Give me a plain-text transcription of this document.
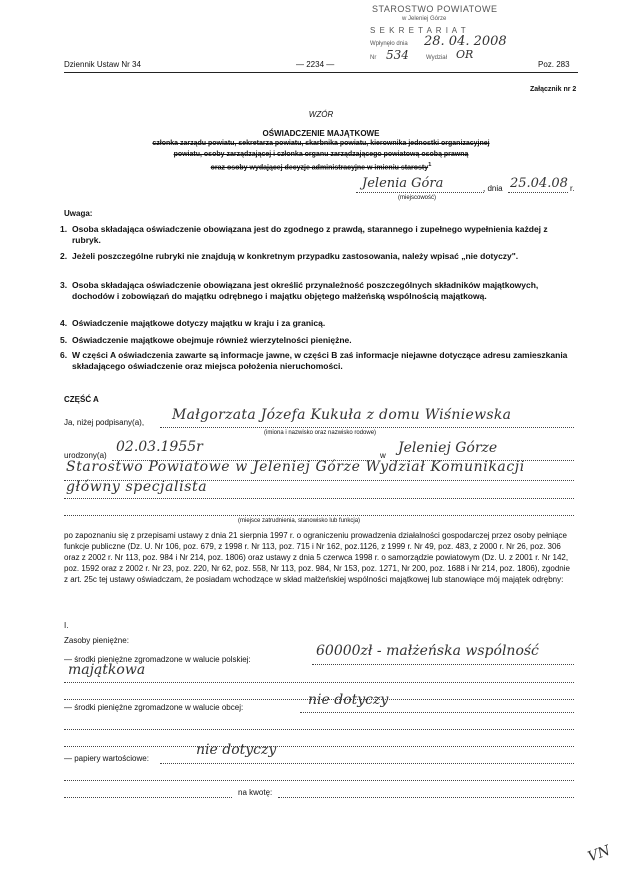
STAROSTWO POWIATOWE
w Jeleniej Górze
S E K R E T A R I A T
Wpłynęło dnia 28. 04. 2008
Nr 534	Wydział OR
Dziennik Ustaw Nr 34	— 2234 —	Poz. 283
Załącznik nr 2
WZÓR
OŚWIADCZENIE MAJĄTKOWE
członka zarządu powiatu, sekretarza powiatu, skarbnika powiatu, kierownika jednostki organizacyjnej
powiatu, osoby zarządzającej i członka organu zarządzającego powiatową osobą prawną
oraz osoby wydającej decyzje administracyjne w imieniu starosty$^1$
Jelenia Góra	, dnia 25.04.08 r.
(miejscowość)
Uwaga:
1. Osoba składająca oświadczenie obowiązana jest do zgodnego z prawdą, starannego i zupełnego wypełnienia każdej z rubryk.
2. Jeżeli poszczególne rubryki nie znajdują w konkretnym przypadku zastosowania, należy wpisać „nie dotyczy".
3. Osoba składająca oświadczenie obowiązana jest określić przynależność poszczególnych składników majątkowych, dochodów i zobowiązań do majątku odrębnego i majątku objętego małżeńską wspólnością majątkową.
4. Oświadczenie majątkowe dotyczy majątku w kraju i za granicą.
5. Oświadczenie majątkowe obejmuje również wierzytelności pieniężne.
6. W części A oświadczenia zawarte są informacje jawne, w części B zaś informacje niejawne dotyczące adresu zamieszkania składającego oświadczenie oraz miejsca położenia nieruchomości.
CZĘŚĆ A
Ja, niżej podpisany(a), Małgorzata Józefa Kukuła z domu Wiśniewska
(imiona i nazwisko oraz nazwisko rodowe)
urodzony(a)
02.03.1955r
w Jeleniej Górze
Starostwo Powiatowe w Jeleniej Górze Wydział Komunikacji
główny specjalista
(miejsce zatrudnienia, stanowisko lub funkcja)
po zapoznaniu się z przepisami ustawy z dnia 21 sierpnia 1997 r. o ograniczeniu prowadzenia działalności gospodarczej przez osoby pełniące funkcje publiczne (Dz. U. Nr 106, poz. 679, z 1998 r. Nr 113, poz. 715 i Nr 162, poz.1126, z 1999 r. Nr 49, poz. 483, z 2000 r. Nr 26, poz. 306 oraz z 2002 r. Nr 113, poz. 984 i Nr 214, poz. 1806) oraz ustawy z dnia 5 czerwca 1998 r. o samorządzie powiatowym (Dz. U. z 2001 r. Nr 142, poz. 1592 oraz z 2002 r. Nr 23, poz. 220, Nr 62, poz. 558, Nr 113, poz. 984, Nr 153, poz. 1271, Nr 200, poz. 1688 i Nr 214, poz. 1806), zgodnie z art. 25c tej ustawy oświadczam, że posiadam wchodzące w skład małżeńskiej wspólności majątkowej lub stanowiące mój majątek odrębny:
I.
Zasoby pieniężne:
— środki pieniężne zgromadzone w walucie polskiej:
60000zł - małżeńska wspólność
majątkowa
— środki pieniężne zgromadzone w walucie obcej:	nie dotyczy
— papiery wartościowe:
nie dotyczy
na kwotę:
VN
